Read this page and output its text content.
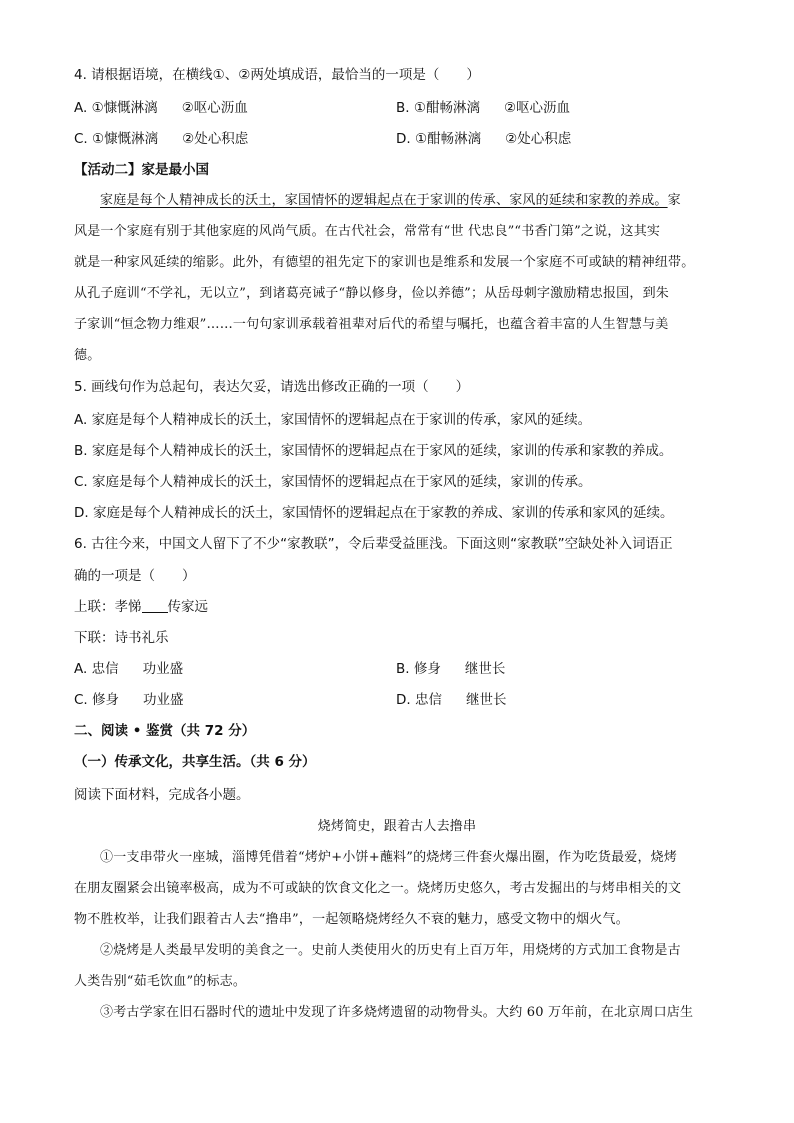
4. 请根据语境，在横线①、②两处填成语，最恰当的一项是（　　）
A. ①慷慨淋漓 ②呕心沥血	B. ①酣畅淋漓 ②呕心沥血
C. ①慷慨淋漓 ②处心积虑	D. ①酣畅淋漓 ②处心积虑
【活动二】家是最小国
家庭是每个人精神成长的沃土，家国情怀的逻辑起点在于家训的传承、家风的延续和家教的养成。家
风是一个家庭有别于其他家庭的风尚气质。在古代社会，常常有“世 代忠良”“书香门第”之说，这其实
就是一种家风延续的缩影。此外，有德望的祖先定下的家训也是维系和发展一个家庭不可或缺的精神纽带。
从孔子庭训“不学礼，无以立”，到诸葛亮诫子“静以修身，俭以养德”；从岳母刺字激励精忠报国，到朱
子家训“恒念物力维艰”……一句句家训承载着祖辈对后代的希望与嘱托，也蕴含着丰富的人生智慧与美
德。
5. 画线句作为总起句，表达欠妥，请选出修改正确的一项（　　）
A. 家庭是每个人精神成长的沃土，家国情怀的逻辑起点在于家训的传承，家风的延续。
B. 家庭是每个人精神成长的沃土，家国情怀的逻辑起点在于家风的延续，家训的传承和家教的养成。
C. 家庭是每个人精神成长的沃土，家国情怀的逻辑起点在于家风的延续，家训的传承。
D. 家庭是每个人精神成长的沃土，家国情怀的逻辑起点在于家教的养成、家训的传承和家风的延续。
6. 古往今来，中国文人留下了不少“家教联”，令后辈受益匪浅。下面这则“家教联”空缺处补入词语正
确的一项是（　　）
上联：孝悌 传家远
下联：诗书礼乐
A. 忠信 功业盛	B. 修身 继世长
C. 修身 功业盛	D. 忠信 继世长
二、阅读 • 鉴赏（共 72 分）
（一）传承文化，共享生活。（共 6 分）
阅读下面材料，完成各小题。
烧烤简史，跟着古人去撸串
①一支串带火一座城，淄博凭借着“烤炉+小饼+蘸料”的烧烤三件套火爆出圈，作为吃货最爱，烧烤
在朋友圈紧会出镜率极高，成为不可或缺的饮食文化之一。烧烤历史悠久，考古发掘出的与烤串相关的文
物不胜枚举，让我们跟着古人去“撸串”，一起领略烧烤经久不衰的魅力，感受文物中的烟火气。
②烧烤是人类最早发明的美食之一。史前人类使用火的历史有上百万年，用烧烤的方式加工食物是古
人类告别“茹毛饮血”的标志。
③考古学家在旧石器时代的遗址中发现了许多烧烤遗留的动物骨头。大约 60 万年前，在北京周口店生
